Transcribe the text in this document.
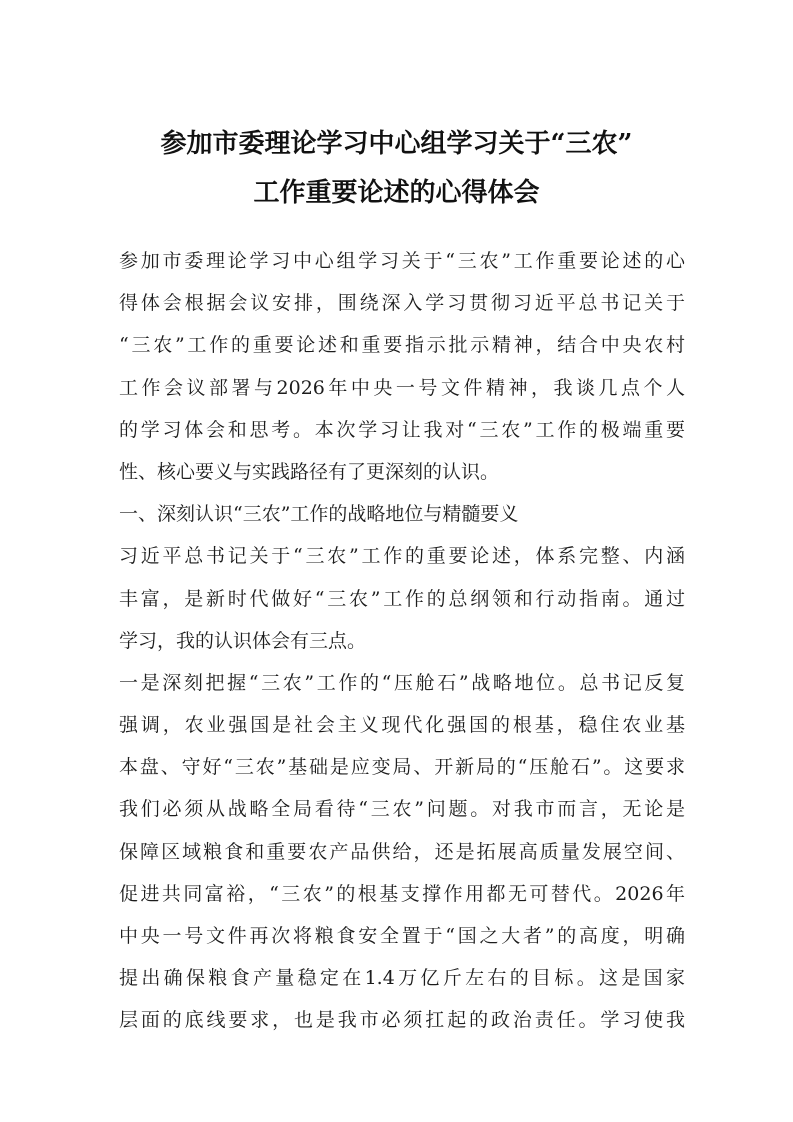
参加市委理论学习中心组学习关于“三农”
工作重要论述的心得体会
参加市委理论学习中心组学习关于“三农”工作重要论述的心
得体会根据会议安排，围绕深入学习贯彻习近平总书记关于
“三农”工作的重要论述和重要指示批示精神，结合中央农村
工作会议部署与2026年中央一号文件精神，我谈几点个人
的学习体会和思考。本次学习让我对“三农”工作的极端重要
性、核心要义与实践路径有了更深刻的认识。
一、深刻认识“三农”工作的战略地位与精髓要义
习近平总书记关于“三农”工作的重要论述，体系完整、内涵
丰富，是新时代做好“三农”工作的总纲领和行动指南。通过
学习，我的认识体会有三点。
一是深刻把握“三农”工作的“压舱石”战略地位。总书记反复
强调，农业强国是社会主义现代化强国的根基，稳住农业基
本盘、守好“三农”基础是应变局、开新局的“压舱石”。这要求
我们必须从战略全局看待“三农”问题。对我市而言，无论是
保障区域粮食和重要农产品供给，还是拓展高质量发展空间、
促进共同富裕，“三农”的根基支撑作用都无可替代。2026年
中央一号文件再次将粮食安全置于“国之大者”的高度，明确
提出确保粮食产量稳定在1.4万亿斤左右的目标。这是国家
层面的底线要求，也是我市必须扛起的政治责任。学习使我
